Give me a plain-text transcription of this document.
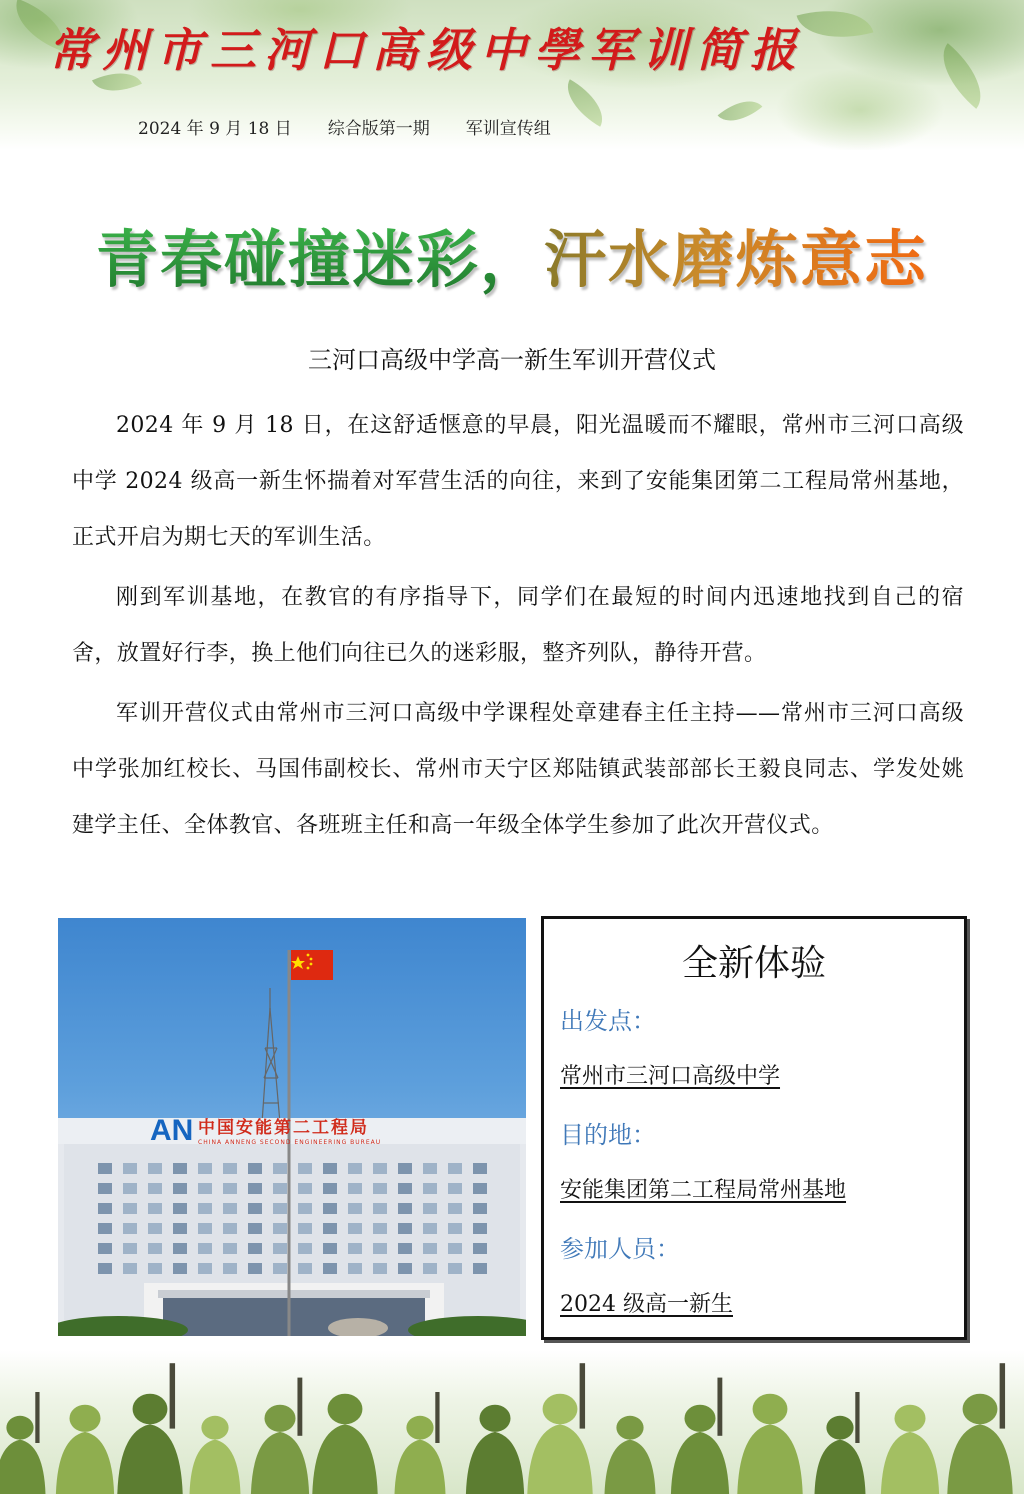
常州市三河口高级中學军训简报
2024 年 9 月 18 日 综合版第一期 军训宣传组
青春碰撞迷彩，汗水磨炼意志
三河口高级中学高一新生军训开营仪式

2024 年 9 月 18 日，在这舒适惬意的早晨，阳光温暖而不耀眼，常州市三河口高级中学 2024 级高一新生怀揣着对军营生活的向往，来到了安能集团第二工程局常州基地，正式开启为期七天的军训生活。

刚到军训基地，在教官的有序指导下，同学们在最短的时间内迅速地找到自己的宿舍，放置好行李，换上他们向往已久的迷彩服，整齐列队，静待开营。

军训开营仪式由常州市三河口高级中学课程处章建春主任主持——常州市三河口高级中学张加红校长、马国伟副校长、常州市天宁区郑陆镇武装部部长王毅良同志、学发处姚建学主任、全体教官、各班班主任和高一年级全体学生参加了此次开营仪式。

AN 中国安能第二工程局
CHINA ANNENG SECOND ENGINEERING BUREAU
全新体验
出发点：
常州市三河口高级中学
目的地：
安能集团第二工程局常州基地
参加人员：
2024 级高一新生
